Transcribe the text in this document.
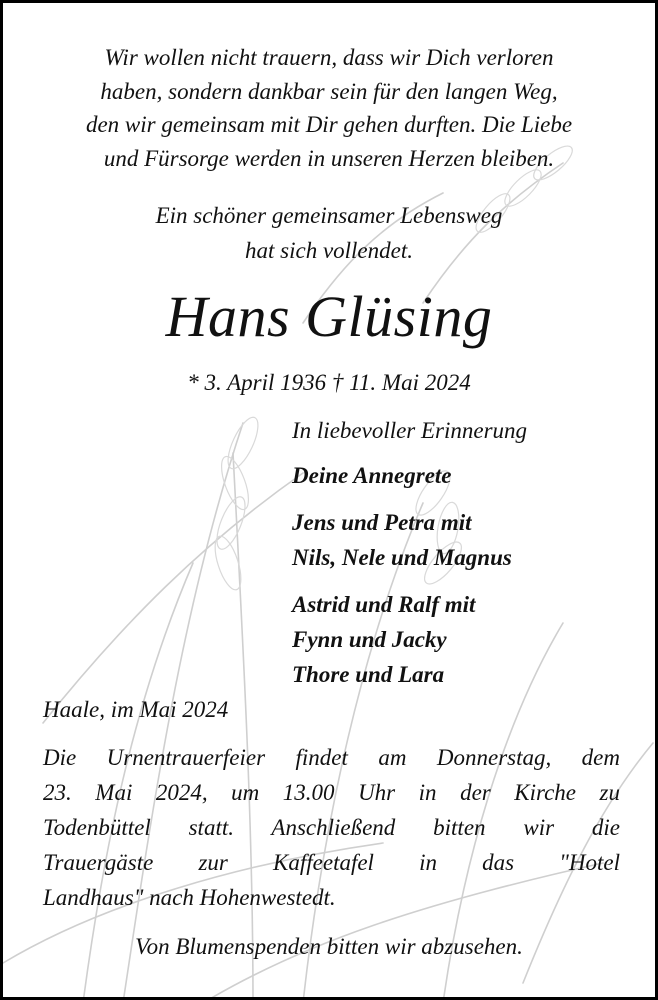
Wir wollen nicht trauern, dass wir Dich verloren
haben, sondern dankbar sein für den langen Weg,
den wir gemeinsam mit Dir gehen durften. Die Liebe
und Fürsorge werden in unseren Herzen bleiben.
Ein schöner gemeinsamer Lebensweg
hat sich vollendet.
Hans Glüsing
* 3. April 1936 † 11. Mai 2024
In liebevoller Erinnerung
Deine Annegrete
Jens und Petra mit
Nils, Nele und Magnus
Astrid und Ralf mit
Fynn und Jacky
Thore und Lara
Haale, im Mai 2024
Die Urnentrauerfeier findet am Donnerstag, dem
23. Mai 2024, um 13.00 Uhr in der Kirche zu
Todenbüttel statt. Anschließend bitten wir die
Trauergäste zur Kaffeetafel in das "Hotel
Landhaus" nach Hohenwestedt.
Von Blumenspenden bitten wir abzusehen.
